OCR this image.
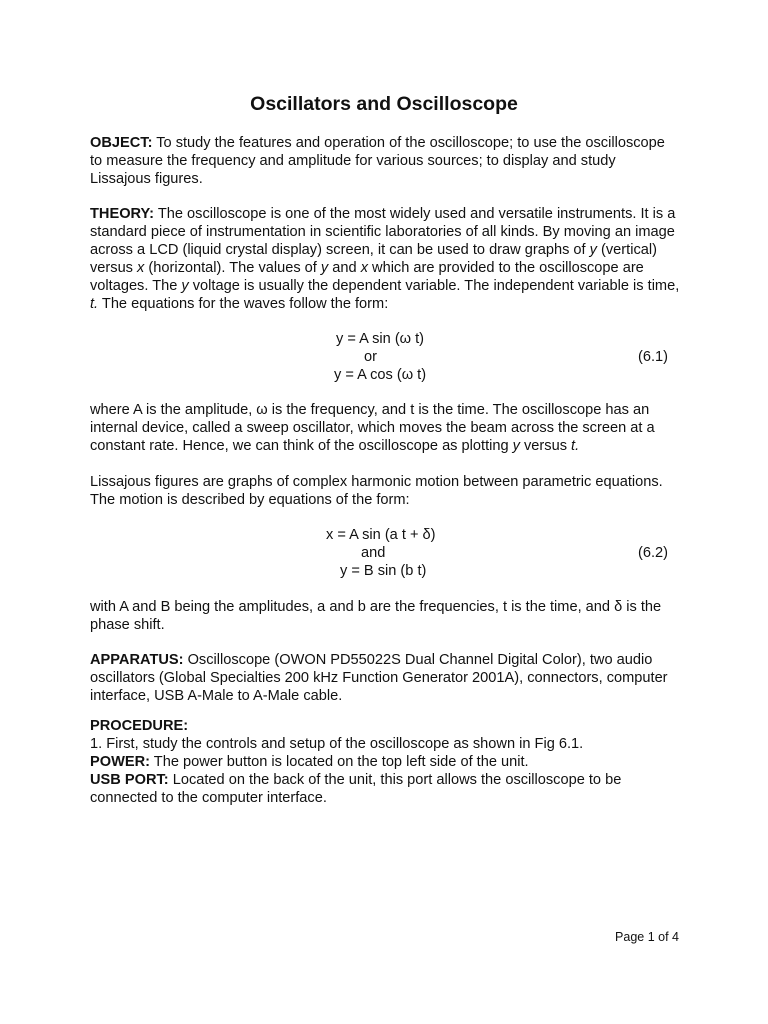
Oscillators and Oscilloscope

OBJECT: To study the features and operation of the oscilloscope; to use the oscilloscope to measure the frequency and amplitude for various sources; to display and study Lissajous figures.

THEORY: The oscilloscope is one of the most widely used and versatile instruments. It is a standard piece of instrumentation in scientific laboratories of all kinds. By moving an image across a LCD (liquid crystal display) screen, it can be used to draw graphs of y (vertical) versus x (horizontal). The values of y and x which are provided to the oscilloscope are voltages. The y voltage is usually the dependent variable. The independent variable is time, t. The equations for the waves follow the form:

y = A sin (ω t)
or
y = A cos (ω t)
(6.1)

where A is the amplitude, ω is the frequency, and t is the time. The oscilloscope has an internal device, called a sweep oscillator, which moves the beam across the screen at a constant rate. Hence, we can think of the oscilloscope as plotting y versus t.

Lissajous figures are graphs of complex harmonic motion between parametric equations. The motion is described by equations of the form:

x = A sin (a t + δ)
and
y = B sin (b t)
(6.2)

with A and B being the amplitudes, a and b are the frequencies, t is the time, and δ is the phase shift.

APPARATUS: Oscilloscope (OWON PD55022S Dual Channel Digital Color), two audio oscillators (Global Specialties 200 kHz Function Generator 2001A), connectors, computer interface, USB A-Male to A-Male cable.

PROCEDURE:
1. First, study the controls and setup of the oscilloscope as shown in Fig 6.1.
POWER: The power button is located on the top left side of the unit.
USB PORT: Located on the back of the unit, this port allows the oscilloscope to be connected to the computer interface.
Page 1 of 4
